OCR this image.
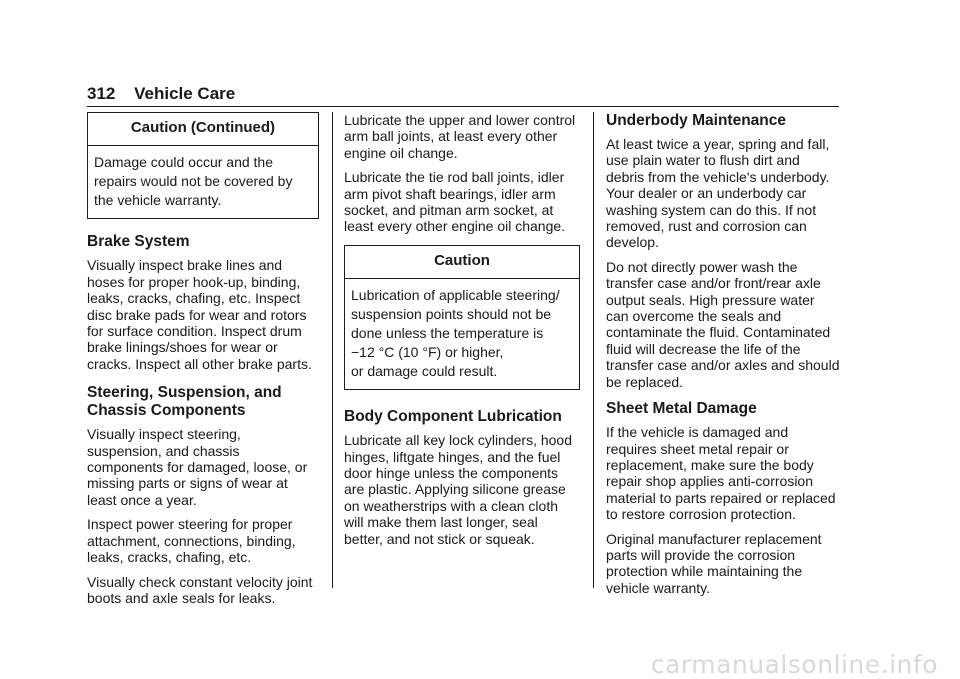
312 Vehicle Care
Caution (Continued)
Damage could occur and the
repairs would not be covered by
the vehicle warranty.
Brake System

Visually inspect brake lines and hoses for proper hook-up, binding, leaks, cracks, chafing, etc. Inspect disc brake pads for wear and rotors for surface condition. Inspect drum brake linings/shoes for wear or cracks. Inspect all other brake parts.

Steering, Suspension, and Chassis Components

Visually inspect steering, suspension, and chassis components for damaged, loose, or missing parts or signs of wear at least once a year.

Inspect power steering for proper attachment, connections, binding, leaks, cracks, chafing, etc.

Visually check constant velocity joint boots and axle seals for leaks.

Lubricate the upper and lower control arm ball joints, at least every other engine oil change.

Lubricate the tie rod ball joints, idler arm pivot shaft bearings, idler arm socket, and pitman arm socket, at least every other engine oil change.

Caution
Lubrication of applicable steering/
suspension points should not be
done unless the temperature is
−12 °C (10 °F) or higher,
or damage could result.
Body Component Lubrication

Lubricate all key lock cylinders, hood hinges, liftgate hinges, and the fuel door hinge unless the components are plastic. Applying silicone grease on weatherstrips with a clean cloth will make them last longer, seal better, and not stick or squeak.

Underbody Maintenance

At least twice a year, spring and fall, use plain water to flush dirt and debris from the vehicle's underbody. Your dealer or an underbody car washing system can do this. If not removed, rust and corrosion can develop.

Do not directly power wash the transfer case and/or front/rear axle output seals. High pressure water can overcome the seals and contaminate the fluid. Contaminated fluid will decrease the life of the transfer case and/or axles and should be replaced.

Sheet Metal Damage

If the vehicle is damaged and requires sheet metal repair or replacement, make sure the body repair shop applies anti-corrosion material to parts repaired or replaced to restore corrosion protection.

Original manufacturer replacement parts will provide the corrosion protection while maintaining the vehicle warranty.

carmanualsonline.info
